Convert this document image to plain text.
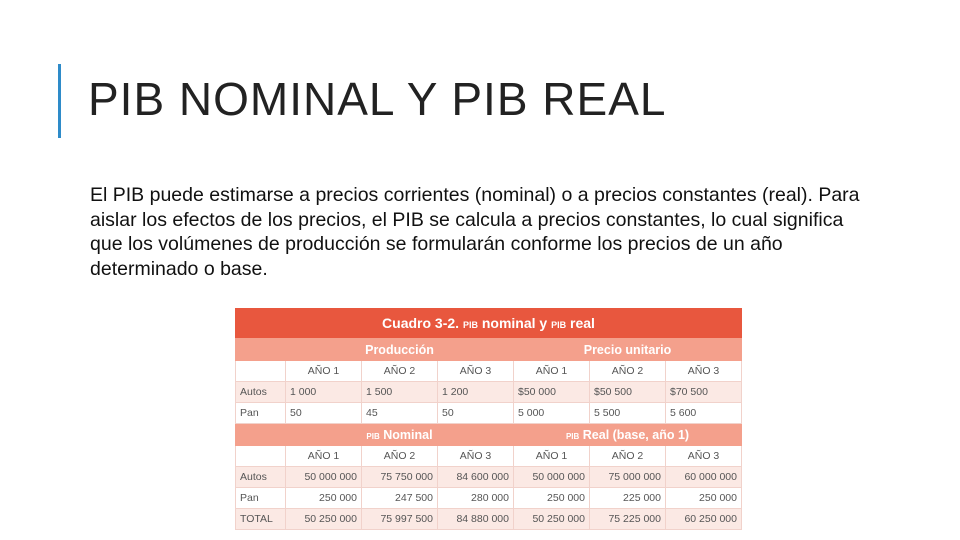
PIB NOMINAL Y PIB REAL

El PIB puede estimarse a precios corrientes (nominal) o a precios constantes (real). Para aislar los efectos de los precios, el PIB se calcula a precios constantes, lo cual significa que los volúmenes de producción se formularán conforme los precios de un año determinado o base.

Cuadro 3-2. PIB nominal y PIB real
	Producción			Precio unitario		
	AÑO 1	AÑO 2	AÑO 3	AÑO 1	AÑO 2	AÑO 3
Autos	1 000	1 500	1 200	$50 000	$50 500	$70 500
Pan	50	45	50	5 000	5 500	5 600
	PIB Nominal			PIB Real (base, año 1)		
	AÑO 1	AÑO 2	AÑO 3	AÑO 1	AÑO 2	AÑO 3
Autos	50 000 000	75 750 000	84 600 000	50 000 000	75 000 000	60 000 000
Pan	250 000	247 500	280 000	250 000	225 000	250 000
TOTAL	50 250 000	75 997 500	84 880 000	50 250 000	75 225 000	60 250 000
